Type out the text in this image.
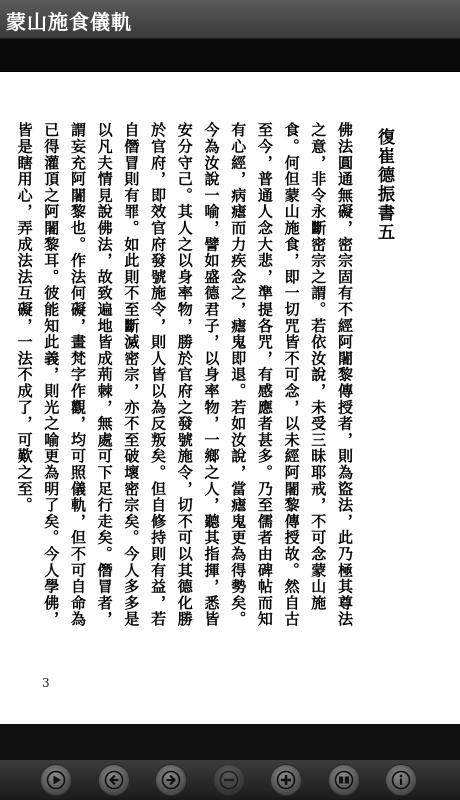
蒙山施食儀軌
復崔德振書五

佛法圓通無礙，密宗固有不經阿闍黎傳授者，則為盜法，此乃極其尊法之意，非令永斷密宗之謂。若依汝說，未受三昧耶戒，不可念蒙山施食。何但蒙山施食，即一切咒皆不可念，以未經阿闍黎傳授故。然自古至今，普通人念大悲，準提各咒，有感應者甚多。乃至儒者由碑帖而知有心經，病瘧而力疾念之，瘧鬼即退。若如汝說，當瘧鬼更為得勢矣。今為汝說一喻，譬如盛德君子，以身率物，一鄉之人，聽其指揮，悉皆安分守己。其人之以身率物，勝於官府之發號施令，切不可以其德化勝於官府，即效官府發號施令，則人皆以為反叛矣。但自修持則有益，若自僭冒則有罪。如此則不至斷滅密宗，亦不至破壞密宗矣。今人多多是以凡夫情見說佛法，故致遍地皆成荊棘，無處可下足行走矣。僭冒者，謂妄充阿闍黎也。作法何礙，畫梵字作觀，均可照儀軌，但不可自命為已得灌頂之阿闍黎耳。彼能知此義，則光之喻更為明了矣。今人學佛，皆是瞎用心，弄成法法互礙，一法不成了，可歎之至。

3
